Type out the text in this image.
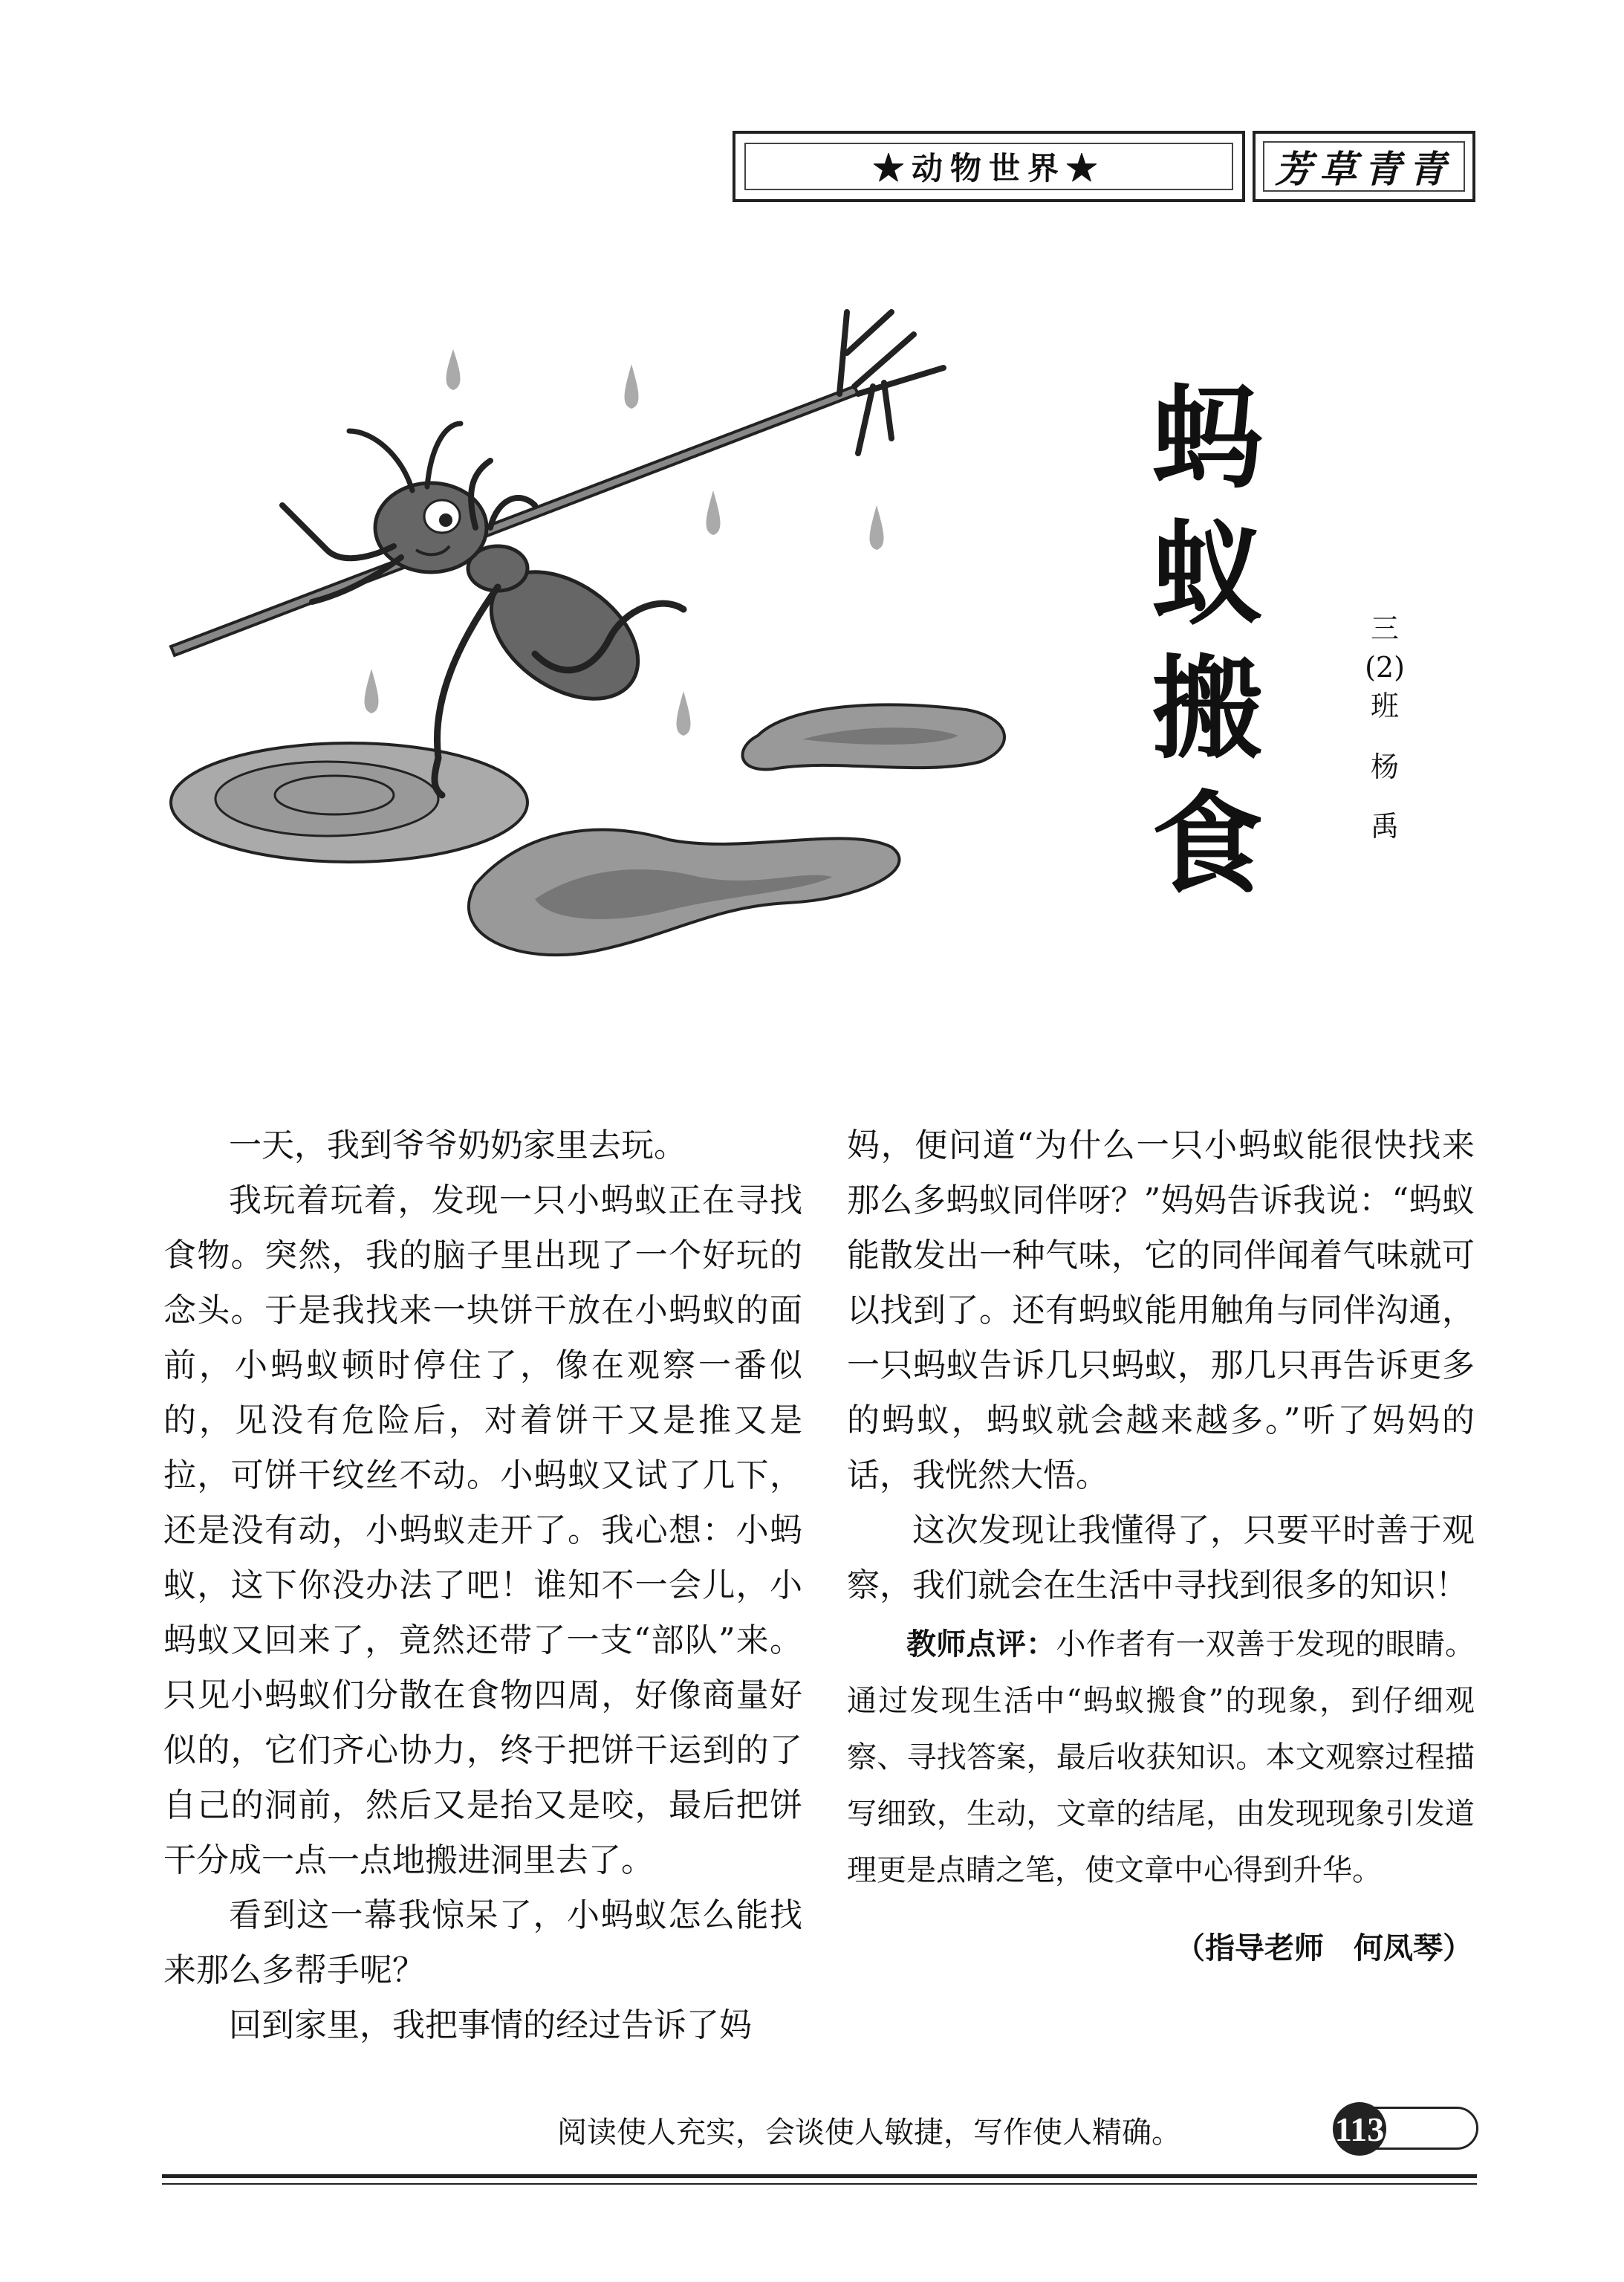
★动物世界★	芳草青青
蚂
蚁
搬
食
三
(2)
班
杨
禹

一天，我到爷爷奶奶家里去玩。

我玩着玩着，发现一只小蚂蚁正在寻找食物。突然，我的脑子里出现了一个好玩的念头。于是我找来一块饼干放在小蚂蚁的面前，小蚂蚁顿时停住了，像在观察一番似的，见没有危险后，对着饼干又是推又是拉，可饼干纹丝不动。小蚂蚁又试了几下，还是没有动，小蚂蚁走开了。我心想：小蚂蚁，这下你没办法了吧！谁知不一会儿，小蚂蚁又回来了，竟然还带了一支“部队”来。只见小蚂蚁们分散在食物四周，好像商量好似的，它们齐心协力，终于把饼干运到的了自己的洞前，然后又是抬又是咬，最后把饼干分成一点一点地搬进洞里去了。

看到这一幕我惊呆了，小蚂蚁怎么能找来那么多帮手呢？

回到家里，我把事情的经过告诉了妈

妈，便问道“为什么一只小蚂蚁能很快找来那么多蚂蚁同伴呀？”妈妈告诉我说：“蚂蚁能散发出一种气味，它的同伴闻着气味就可以找到了。还有蚂蚁能用触角与同伴沟通，一只蚂蚁告诉几只蚂蚁，那几只再告诉更多的蚂蚁，蚂蚁就会越来越多。”听了妈妈的话，我恍然大悟。

这次发现让我懂得了，只要平时善于观察，我们就会在生活中寻找到很多的知识！

教师点评：小作者有一双善于发现的眼睛。通过发现生活中“蚂蚁搬食”的现象，到仔细观察、寻找答案，最后收获知识。本文观察过程描写细致，生动，文章的结尾，由发现现象引发道理更是点睛之笔，使文章中心得到升华。

（指导老师　何凤琴）
阅读使人充实，会谈使人敏捷，写作使人精确。	113
